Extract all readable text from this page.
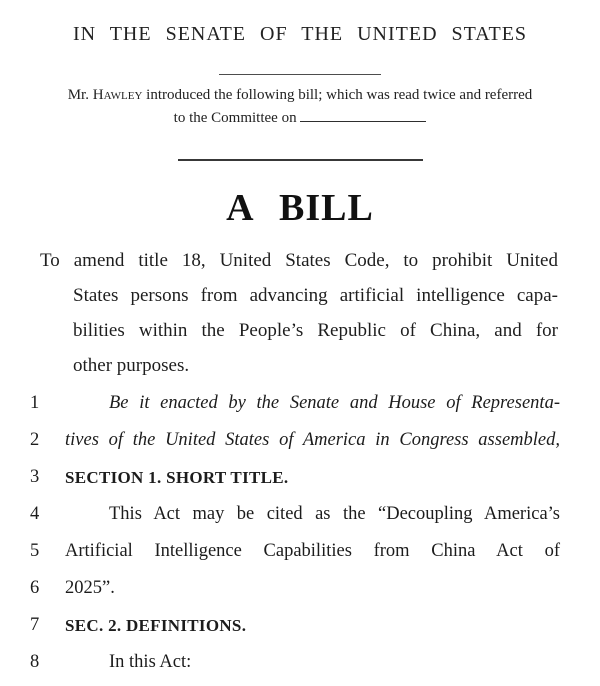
IN THE SENATE OF THE UNITED STATES
Mr. Hawley introduced the following bill; which was read twice and referred
to the Committee on
A BILL
To amend title 18, United States Code, to prohibit United
States persons from advancing artificial intelligence capa-
bilities within the People’s Republic of China, and for
other purposes.
1	Be it enacted by the Senate and House of Representa-
2	tives of the United States of America in Congress assembled,
3	SECTION 1. SHORT TITLE.
4	This Act may be cited as the “Decoupling America’s
5	Artificial Intelligence Capabilities from China Act of
6	2025”.
7	SEC. 2. DEFINITIONS.
8	In this Act:
